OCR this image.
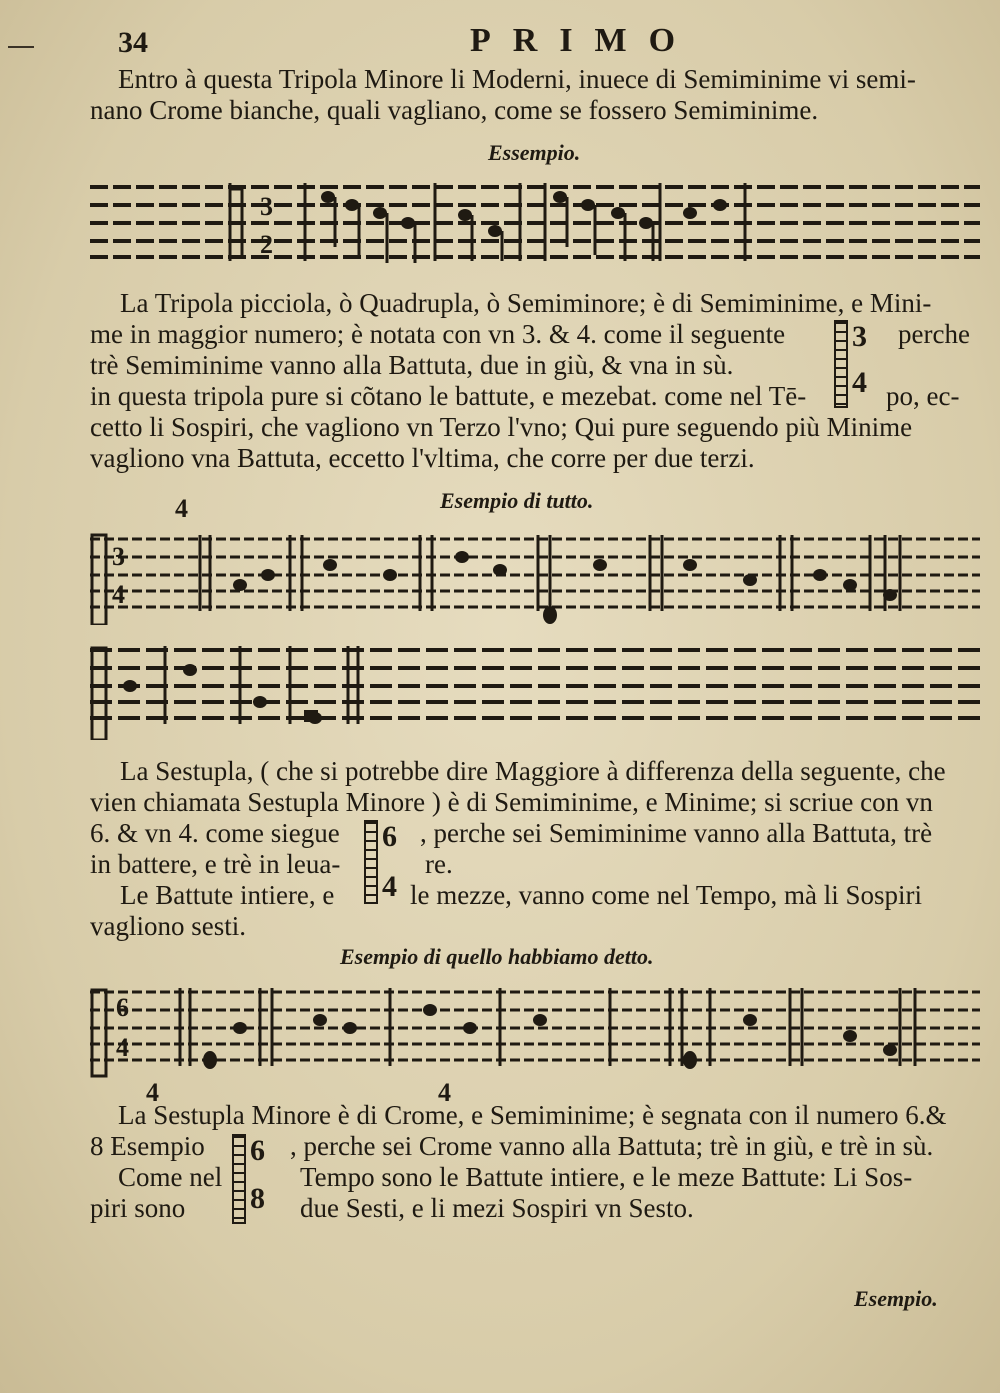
34	PRIMO

Entro à questa Tripola Minore li Moderni, inuece di Semiminime vi semi-
nano Crome bianche, quali vagliano, come se fossero Semiminime.

Essempio.
3
2

La Tripola picciola, ò Quadrupla, ò Semiminore; è di Semiminime, e Mini-
me in maggior numero; è notata con vn 3. & 4. come il seguente
trè Semiminime vanno alla Battuta, due in giù, & vna in sù.
in questa tripola pure si cõtano le battute, e mezebat. come nel Tē-
cetto li Sospiri, che vagliono vn Terzo l'vno; Qui pure seguendo più Minime
vagliono vna Battuta, eccetto l'vltima, che corre per due terzi.

perche
po, ec-
3
4
4	Esempio di tutto.
3
4

La Sestupla, ( che si potrebbe dire Maggiore à differenza della seguente, che
vien chiamata Sestupla Minore ) è di Semiminime, e Minime; si scriue con vn
6. & vn 4. come siegue
in battere, e trè in leua-
Le Battute intiere, e
vagliono sesti.

, perche sei Semiminime vanno alla Battuta, trè
re.
le mezze, vanno come nel Tempo, mà li Sospiri
6
4
Esempio di quello habbiamo detto.
6
4
4	4

La Sestupla Minore è di Crome, e Semiminime; è segnata con il numero 6.&
8 Esempio
Come nel
piri sono

, perche sei Crome vanno alla Battuta; trè in giù, e trè in sù.
Tempo sono le Battute intiere, e le meze Battute: Li Sos-
due Sesti, e li mezi Sospiri vn Sesto.
6
8
Esempio.
